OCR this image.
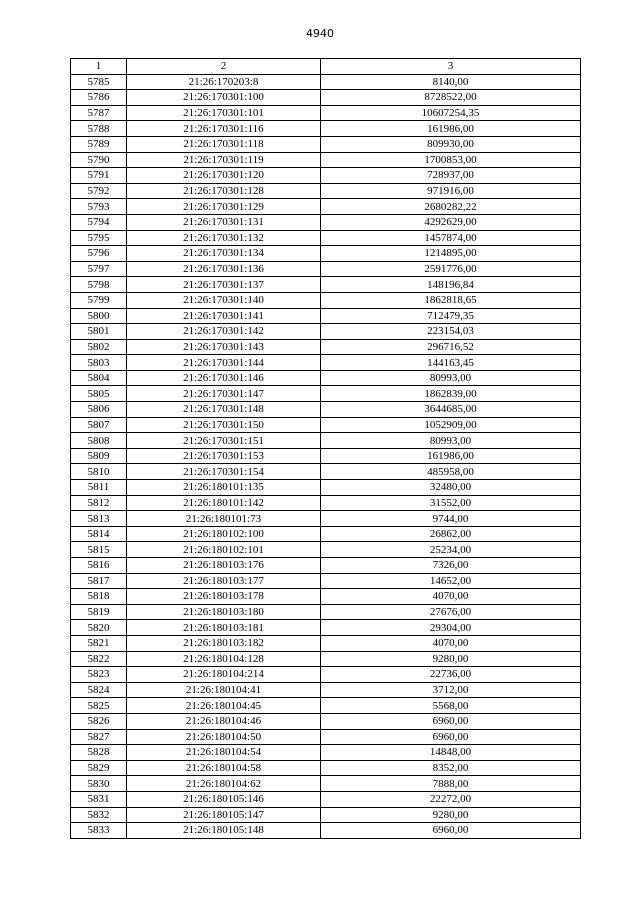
4940
1	2	3
5785	21:26:170203:8	8140,00
5786	21:26:170301:100	8728522,00
5787	21:26:170301:101	10607254,35
5788	21:26:170301:116	161986,00
5789	21:26:170301:118	809930,00
5790	21:26:170301:119	1700853,00
5791	21:26:170301:120	728937,00
5792	21:26:170301:128	971916,00
5793	21:26:170301:129	2680282,22
5794	21:26:170301:131	4292629,00
5795	21:26:170301:132	1457874,00
5796	21:26:170301:134	1214895,00
5797	21:26:170301:136	2591776,00
5798	21:26:170301:137	148196,84
5799	21:26:170301:140	1862818,65
5800	21:26:170301:141	712479,35
5801	21:26:170301:142	223154,03
5802	21:26:170301:143	296716,52
5803	21:26:170301:144	144163,45
5804	21:26:170301:146	80993,00
5805	21:26:170301:147	1862839,00
5806	21:26:170301:148	3644685,00
5807	21:26:170301:150	1052909,00
5808	21:26:170301:151	80993,00
5809	21:26:170301:153	161986,00
5810	21:26:170301:154	485958,00
5811	21:26:180101:135	32480,00
5812	21:26:180101:142	31552,00
5813	21:26:180101:73	9744,00
5814	21:26:180102:100	26862,00
5815	21:26:180102:101	25234,00
5816	21:26:180103:176	7326,00
5817	21:26:180103:177	14652,00
5818	21:26:180103:178	4070,00
5819	21:26:180103:180	27676,00
5820	21:26:180103:181	29304,00
5821	21:26:180103:182	4070,00
5822	21:26:180104:128	9280,00
5823	21:26:180104:214	22736,00
5824	21:26:180104:41	3712,00
5825	21:26:180104:45	5568,00
5826	21:26:180104:46	6960,00
5827	21:26:180104:50	6960,00
5828	21:26:180104:54	14848,00
5829	21:26:180104:58	8352,00
5830	21:26:180104:62	7888,00
5831	21:26:180105:146	22272,00
5832	21:26:180105:147	9280,00
5833	21:26:180105:148	6960,00
